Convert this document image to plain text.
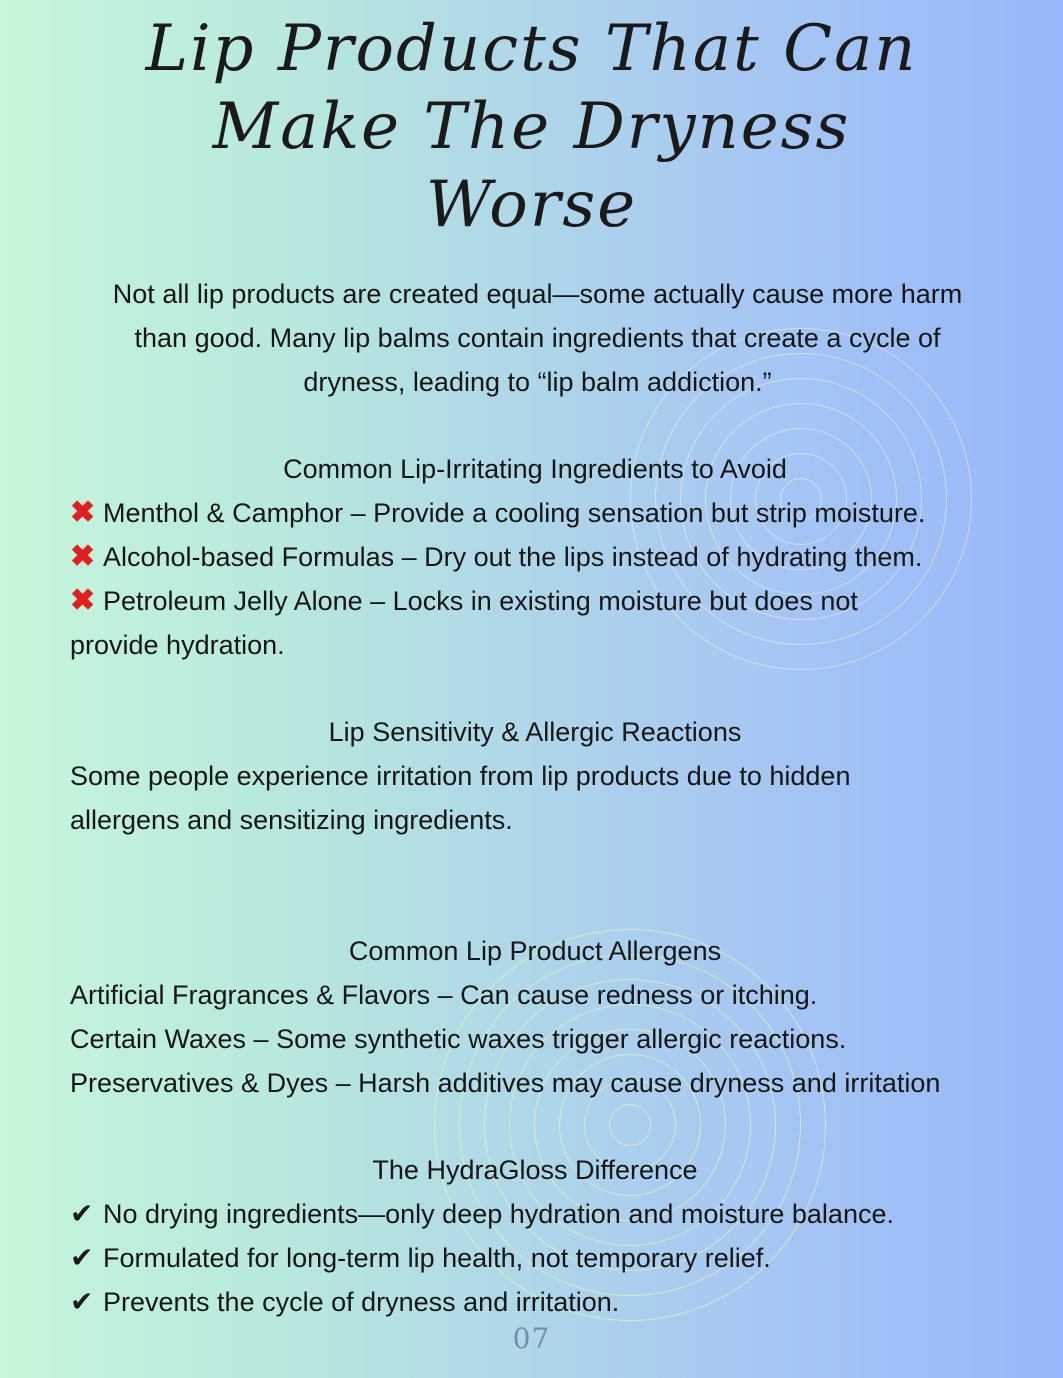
Lip Products That Can
Make The Dryness
Worse

Not all lip products are created equal—some actually cause more harm

than good. Many lip balms contain ingredients that create a cycle of

dryness, leading to “lip balm addiction.”

Common Lip-Irritating Ingredients to Avoid

✖ Menthol & Camphor – Provide a cooling sensation but strip moisture.

✖ Alcohol-based Formulas – Dry out the lips instead of hydrating them.

✖ Petroleum Jelly Alone – Locks in existing moisture but does not

provide hydration.

Lip Sensitivity & Allergic Reactions

Some people experience irritation from lip products due to hidden

allergens and sensitizing ingredients.

Common Lip Product Allergens

Artificial Fragrances & Flavors – Can cause redness or itching.

Certain Waxes – Some synthetic waxes trigger allergic reactions.

Preservatives & Dyes – Harsh additives may cause dryness and irritation

The HydraGloss Difference

✔ No drying ingredients—only deep hydration and moisture balance.

✔ Formulated for long-term lip health, not temporary relief.

✔ Prevents the cycle of dryness and irritation.

07
